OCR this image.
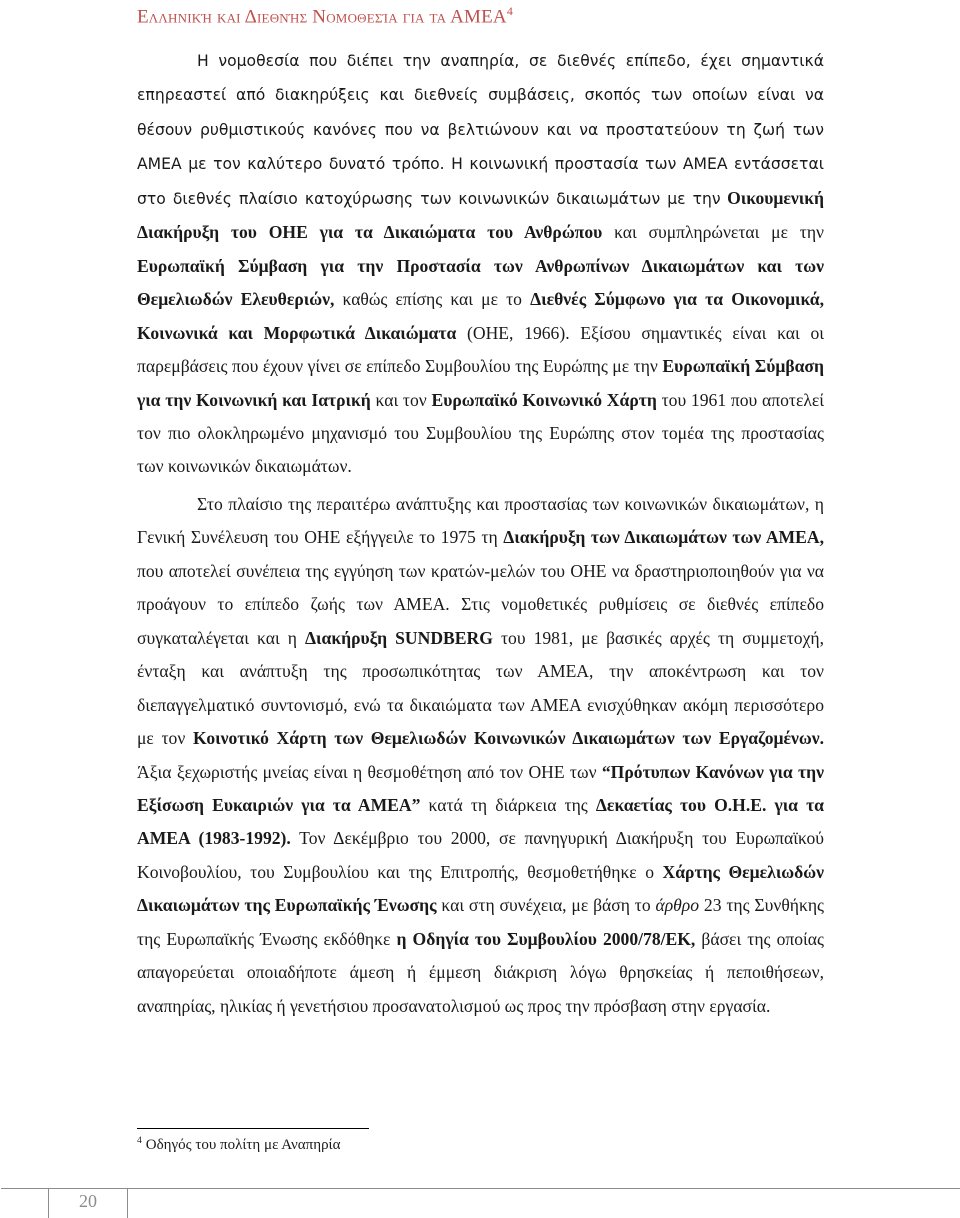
Ελληνική και Διεθνής Νομοθεσία για τα ΑΜΕΑ$^4$

Η νομοθεσία που διέπει την αναπηρία, σε διεθνές επίπεδο, έχει σημαντικά επηρεαστεί από διακηρύξεις και διεθνείς συμβάσεις, σκοπός των οποίων είναι να θέσουν ρυθμιστικούς κανόνες που να βελτιώνουν και να προστατεύουν τη ζωή των ΑΜΕΑ με τον καλύτερο δυνατό τρόπο. Η κοινωνική προστασία των ΑΜΕΑ εντάσσεται στο διεθνές πλαίσιο κατοχύρωσης των κοινωνικών δικαιωμάτων με την Οικουμενική Διακήρυξη του ΟΗΕ για τα Δικαιώματα του Ανθρώπου και συμπληρώνεται με την Ευρωπαϊκή Σύμβαση για την Προστασία των Ανθρωπίνων Δικαιωμάτων και των Θεμελιωδών Ελευθεριών, καθώς επίσης και με το Διεθνές Σύμφωνο για τα Οικονομικά, Κοινωνικά και Μορφωτικά Δικαιώματα (ΟΗΕ, 1966). Εξίσου σημαντικές είναι και οι παρεμβάσεις που έχουν γίνει σε επίπεδο Συμβουλίου της Ευρώπης με την Ευρωπαϊκή Σύμβαση για την Κοινωνική και Ιατρική και τον Ευρωπαϊκό Κοινωνικό Χάρτη του 1961 που αποτελεί τον πιο ολοκληρωμένο μηχανισμό του Συμβουλίου της Ευρώπης στον τομέα της προστασίας των κοινωνικών δικαιωμάτων.

Στο πλαίσιο της περαιτέρω ανάπτυξης και προστασίας των κοινωνικών δικαιωμάτων, η Γενική Συνέλευση του ΟΗΕ εξήγγειλε το 1975 τη Διακήρυξη των Δικαιωμάτων των ΑΜΕΑ, που αποτελεί συνέπεια της εγγύηση των κρατών-μελών του ΟΗΕ να δραστηριοποιηθούν για να προάγουν το επίπεδο ζωής των ΑΜΕΑ. Στις νομοθετικές ρυθμίσεις σε διεθνές επίπεδο συγκαταλέγεται και η Διακήρυξη SUNDBERG του 1981, με βασικές αρχές τη συμμετοχή, ένταξη και ανάπτυξη της προσωπικότητας των ΑΜΕΑ, την αποκέντρωση και τον διεπαγγελματικό συντονισμό, ενώ τα δικαιώματα των ΑΜΕΑ ενισχύθηκαν ακόμη περισσότερο με τον Κοινοτικό Χάρτη των Θεμελιωδών Κοινωνικών Δικαιωμάτων των Εργαζομένων. Άξια ξεχωριστής μνείας είναι η θεσμοθέτηση από τον ΟΗΕ των “Πρότυπων Κανόνων για την Εξίσωση Ευκαιριών για τα ΑΜΕΑ” κατά τη διάρκεια της Δεκαετίας του Ο.Η.Ε. για τα ΑΜΕΑ (1983-1992). Τον Δεκέμβριο του 2000, σε πανηγυρική Διακήρυξη του Ευρωπαϊκού Κοινοβουλίου, του Συμβουλίου και της Επιτροπής, θεσμοθετήθηκε ο Χάρτης Θεμελιωδών Δικαιωμάτων της Ευρωπαϊκής Ένωσης και στη συνέχεια, με βάση το άρθρο 23 της Συνθήκης της Ευρωπαϊκής Ένωσης εκδόθηκε η Οδηγία του Συμβουλίου 2000/78/ΕΚ, βάσει της οποίας απαγορεύεται οποιαδήποτε άμεση ή έμμεση διάκριση λόγω θρησκείας ή πεποιθήσεων, αναπηρίας, ηλικίας ή γενετήσιου προσανατολισμού ως προς την πρόσβαση στην εργασία.

$^4$ Οδηγός του πολίτη με Αναπηρία
20
